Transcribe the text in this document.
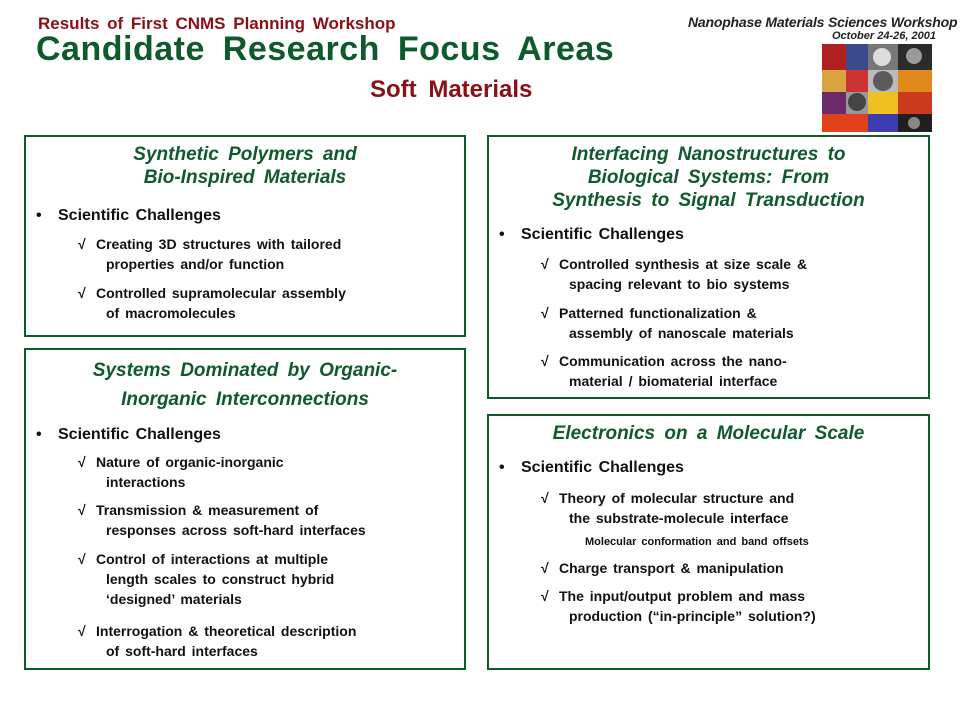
Results of First CNMS Planning Workshop
Candidate Research Focus Areas
Soft Materials
Nanophase Materials Sciences Workshop
October 24-26, 2001
Synthetic Polymers and
Bio-Inspired Materials
• Scientific Challenges
√ Creating 3D structures with tailored
properties and/or function
√ Controlled supramolecular assembly
of macromolecules
Systems Dominated by Organic-
Inorganic Interconnections
• Scientific Challenges
√ Nature of organic-inorganic
interactions
√ Transmission & measurement of
responses across soft-hard interfaces
√ Control of interactions at multiple
length scales to construct hybrid
‘designed’ materials
√ Interrogation & theoretical description
of soft-hard interfaces
Interfacing Nanostructures to
Biological Systems: From
Synthesis to Signal Transduction
• Scientific Challenges
√ Controlled synthesis at size scale &
spacing relevant to bio systems
√ Patterned functionalization &
assembly of nanoscale materials
√ Communication across the nano-
material / biomaterial interface
Electronics on a Molecular Scale
• Scientific Challenges
√ Theory of molecular structure and
the substrate-molecule interface
Molecular conformation and band offsets
√ Charge transport & manipulation
√ The input/output problem and mass
production (“in-principle” solution?)
